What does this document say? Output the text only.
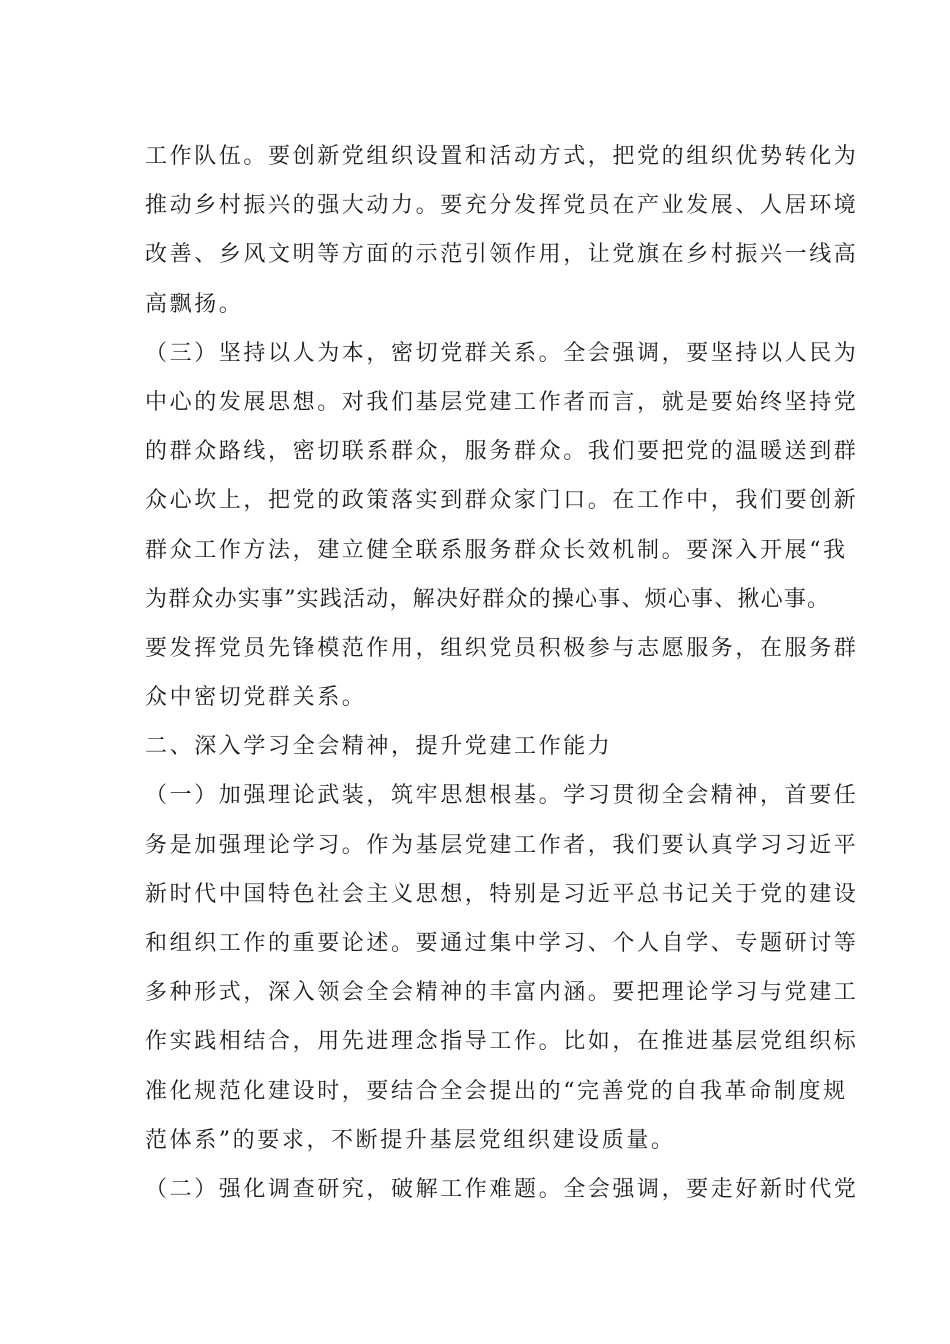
工作队伍。要创新党组织设置和活动方式，把党的组织优势转化为
推动乡村振兴的强大动力。要充分发挥党员在产业发展、人居环境
改善、乡风文明等方面的示范引领作用，让党旗在乡村振兴一线高
高飘扬。
（三）坚持以人为本，密切党群关系。全会强调，要坚持以人民为
中心的发展思想。对我们基层党建工作者而言，就是要始终坚持党
的群众路线，密切联系群众，服务群众。我们要把党的温暖送到群
众心坎上，把党的政策落实到群众家门口。在工作中，我们要创新
群众工作方法，建立健全联系服务群众长效机制。要深入开展“我
为群众办实事”实践活动，解决好群众的操心事、烦心事、揪心事。
要发挥党员先锋模范作用，组织党员积极参与志愿服务，在服务群
众中密切党群关系。
二、深入学习全会精神，提升党建工作能力
（一）加强理论武装，筑牢思想根基。学习贯彻全会精神，首要任
务是加强理论学习。作为基层党建工作者，我们要认真学习习近平
新时代中国特色社会主义思想，特别是习近平总书记关于党的建设
和组织工作的重要论述。要通过集中学习、个人自学、专题研讨等
多种形式，深入领会全会精神的丰富内涵。要把理论学习与党建工
作实践相结合，用先进理念指导工作。比如，在推进基层党组织标
准化规范化建设时，要结合全会提出的“完善党的自我革命制度规
范体系”的要求，不断提升基层党组织建设质量。
（二）强化调查研究，破解工作难题。全会强调，要走好新时代党
